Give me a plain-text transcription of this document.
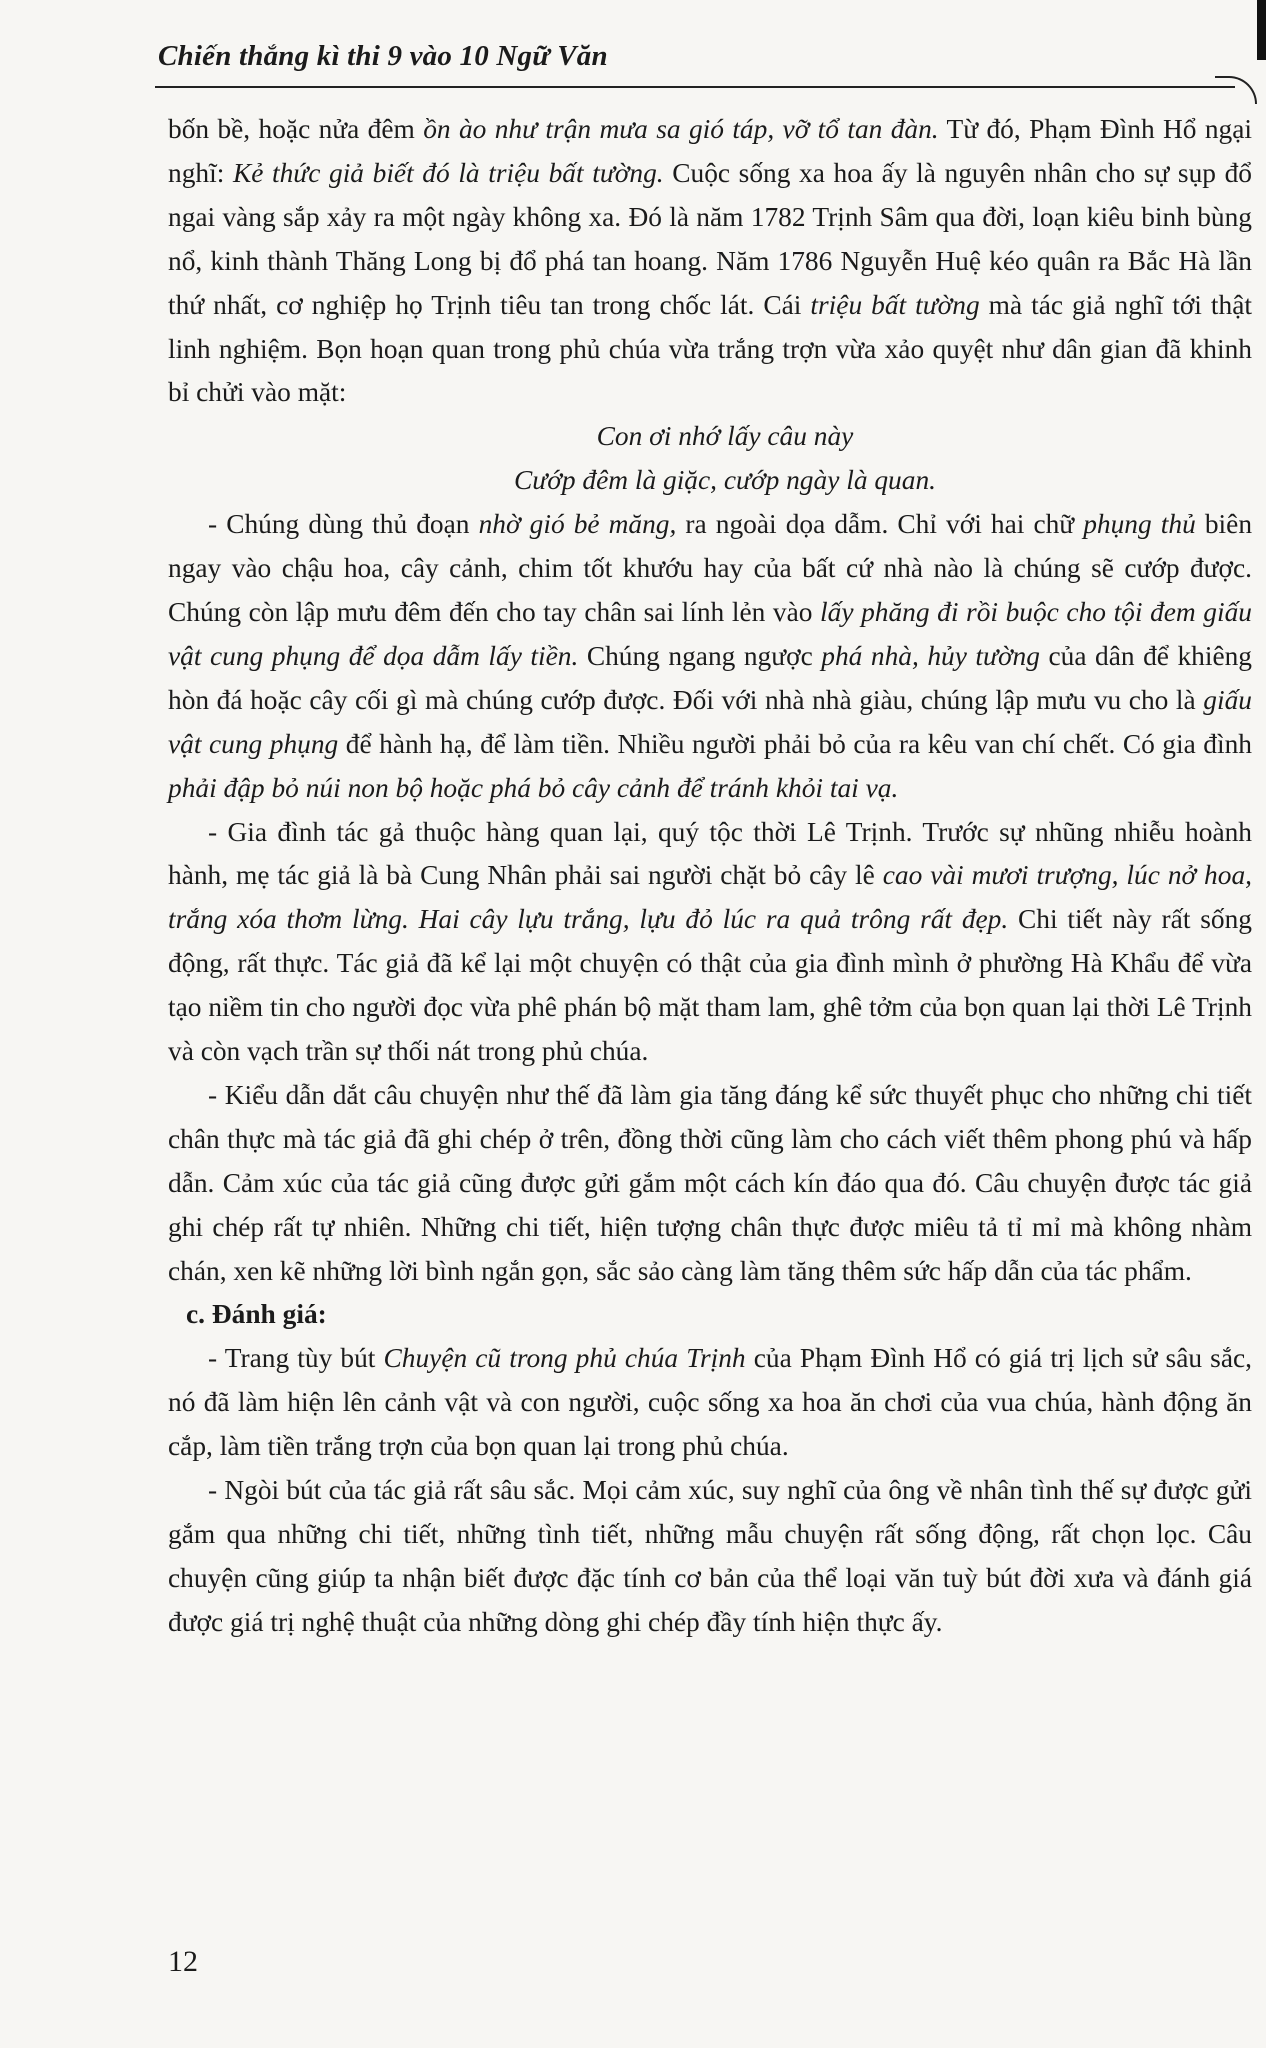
Chiến thắng kì thi 9 vào 10 Ngữ Văn

bốn bề, hoặc nửa đêm ồn ào như trận mưa sa gió táp, vỡ tổ tan đàn. Từ đó, Phạm Đình Hổ ngại nghĩ: Kẻ thức giả biết đó là triệu bất tường. Cuộc sống xa hoa ấy là nguyên nhân cho sự sụp đổ ngai vàng sắp xảy ra một ngày không xa. Đó là năm 1782 Trịnh Sâm qua đời, loạn kiêu binh bùng nổ, kinh thành Thăng Long bị đổ phá tan hoang. Năm 1786 Nguyễn Huệ kéo quân ra Bắc Hà lần thứ nhất, cơ nghiệp họ Trịnh tiêu tan trong chốc lát. Cái triệu bất tường mà tác giả nghĩ tới thật linh nghiệm. Bọn hoạn quan trong phủ chúa vừa trắng trợn vừa xảo quyệt như dân gian đã khinh bỉ chửi vào mặt:

Con ơi nhớ lấy câu này

Cướp đêm là giặc, cướp ngày là quan.

- Chúng dùng thủ đoạn nhờ gió bẻ măng, ra ngoài dọa dẫm. Chỉ với hai chữ phụng thủ biên ngay vào chậu hoa, cây cảnh, chim tốt khướu hay của bất cứ nhà nào là chúng sẽ cướp được. Chúng còn lập mưu đêm đến cho tay chân sai lính lẻn vào lấy phăng đi rồi buộc cho tội đem giấu vật cung phụng để dọa dẫm lấy tiền. Chúng ngang ngược phá nhà, hủy tường của dân để khiêng hòn đá hoặc cây cối gì mà chúng cướp được. Đối với nhà nhà giàu, chúng lập mưu vu cho là giấu vật cung phụng để hành hạ, để làm tiền. Nhiều người phải bỏ của ra kêu van chí chết. Có gia đình phải đập bỏ núi non bộ hoặc phá bỏ cây cảnh để tránh khỏi tai vạ.

- Gia đình tác gả thuộc hàng quan lại, quý tộc thời Lê Trịnh. Trước sự nhũng nhiễu hoành hành, mẹ tác giả là bà Cung Nhân phải sai người chặt bỏ cây lê cao vài mươi trượng, lúc nở hoa, trắng xóa thơm lừng. Hai cây lựu trắng, lựu đỏ lúc ra quả trông rất đẹp. Chi tiết này rất sống động, rất thực. Tác giả đã kể lại một chuyện có thật của gia đình mình ở phường Hà Khẩu để vừa tạo niềm tin cho người đọc vừa phê phán bộ mặt tham lam, ghê tởm của bọn quan lại thời Lê Trịnh và còn vạch trần sự thối nát trong phủ chúa.

- Kiểu dẫn dắt câu chuyện như thế đã làm gia tăng đáng kể sức thuyết phục cho những chi tiết chân thực mà tác giả đã ghi chép ở trên, đồng thời cũng làm cho cách viết thêm phong phú và hấp dẫn. Cảm xúc của tác giả cũng được gửi gắm một cách kín đáo qua đó. Câu chuyện được tác giả ghi chép rất tự nhiên. Những chi tiết, hiện tượng chân thực được miêu tả tỉ mỉ mà không nhàm chán, xen kẽ những lời bình ngắn gọn, sắc sảo càng làm tăng thêm sức hấp dẫn của tác phẩm.

c. Đánh giá:

- Trang tùy bút Chuyện cũ trong phủ chúa Trịnh của Phạm Đình Hổ có giá trị lịch sử sâu sắc, nó đã làm hiện lên cảnh vật và con người, cuộc sống xa hoa ăn chơi của vua chúa, hành động ăn cắp, làm tiền trắng trợn của bọn quan lại trong phủ chúa.

- Ngòi bút của tác giả rất sâu sắc. Mọi cảm xúc, suy nghĩ của ông về nhân tình thế sự được gửi gắm qua những chi tiết, những tình tiết, những mẫu chuyện rất sống động, rất chọn lọc. Câu chuyện cũng giúp ta nhận biết được đặc tính cơ bản của thể loại văn tuỳ bút đời xưa và đánh giá được giá trị nghệ thuật của những dòng ghi chép đầy tính hiện thực ấy.

12
